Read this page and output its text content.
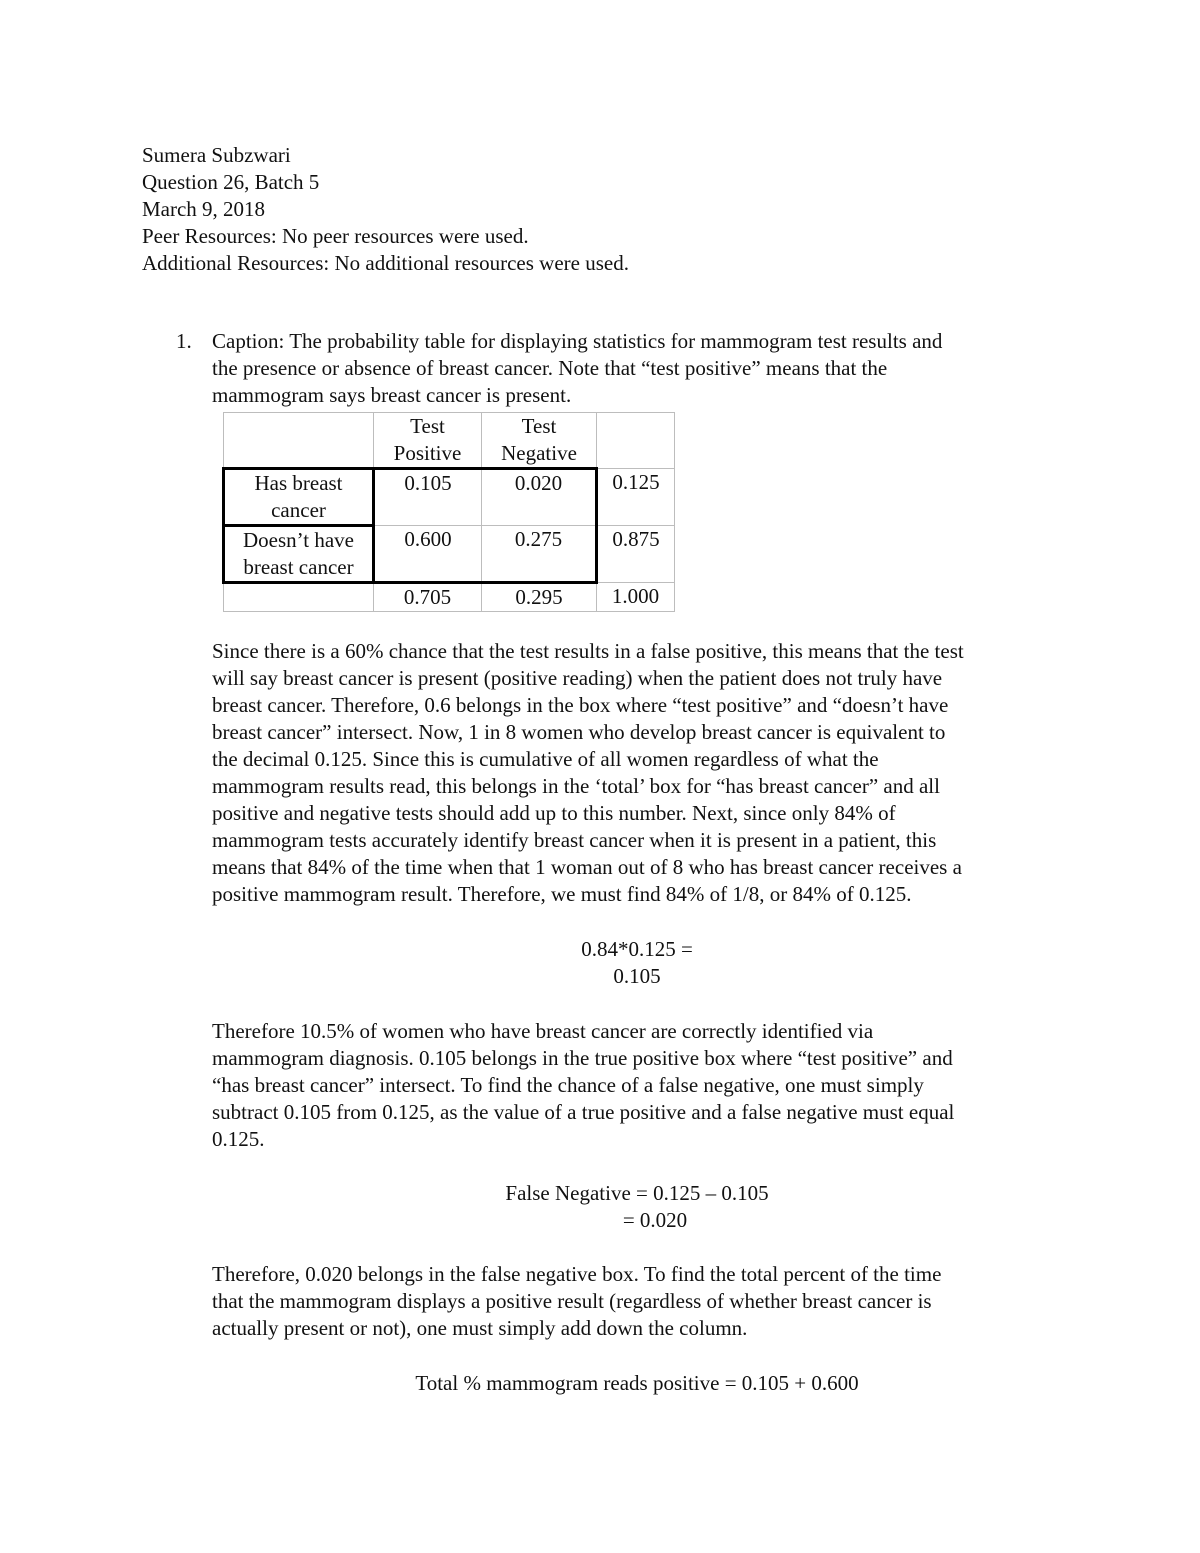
Sumera Subzwari
Question 26, Batch 5
March 9, 2018
Peer Resources: No peer resources were used.
Additional Resources: No additional resources were used.
1. Caption: The probability table for displaying statistics for mammogram test results and
the presence or absence of breast cancer. Note that “test positive” means that the
mammogram says breast cancer is present.
	Test Positive	Test Negative	
Has breast cancer	0.105	0.020	0.125
Doesn’t have breast cancer	0.600	0.275	0.875
	0.705	0.295	1.000
Since there is a 60% chance that the test results in a false positive, this means that the test
will say breast cancer is present (positive reading) when the patient does not truly have
breast cancer. Therefore, 0.6 belongs in the box where “test positive” and “doesn’t have
breast cancer” intersect. Now, 1 in 8 women who develop breast cancer is equivalent to
the decimal 0.125. Since this is cumulative of all women regardless of what the
mammogram results read, this belongs in the ‘total’ box for “has breast cancer” and all
positive and negative tests should add up to this number. Next, since only 84% of
mammogram tests accurately identify breast cancer when it is present in a patient, this
means that 84% of the time when that 1 woman out of 8 who has breast cancer receives a
positive mammogram result. Therefore, we must find 84% of 1/8, or 84% of 0.125.
0.84*0.125 =
0.105
Therefore 10.5% of women who have breast cancer are correctly identified via
mammogram diagnosis. 0.105 belongs in the true positive box where “test positive” and
“has breast cancer” intersect. To find the chance of a false negative, one must simply
subtract 0.105 from 0.125, as the value of a true positive and a false negative must equal
0.125.
False Negative = 0.125 – 0.105
= 0.020
Therefore, 0.020 belongs in the false negative box. To find the total percent of the time
that the mammogram displays a positive result (regardless of whether breast cancer is
actually present or not), one must simply add down the column.
Total % mammogram reads positive = 0.105 + 0.600
